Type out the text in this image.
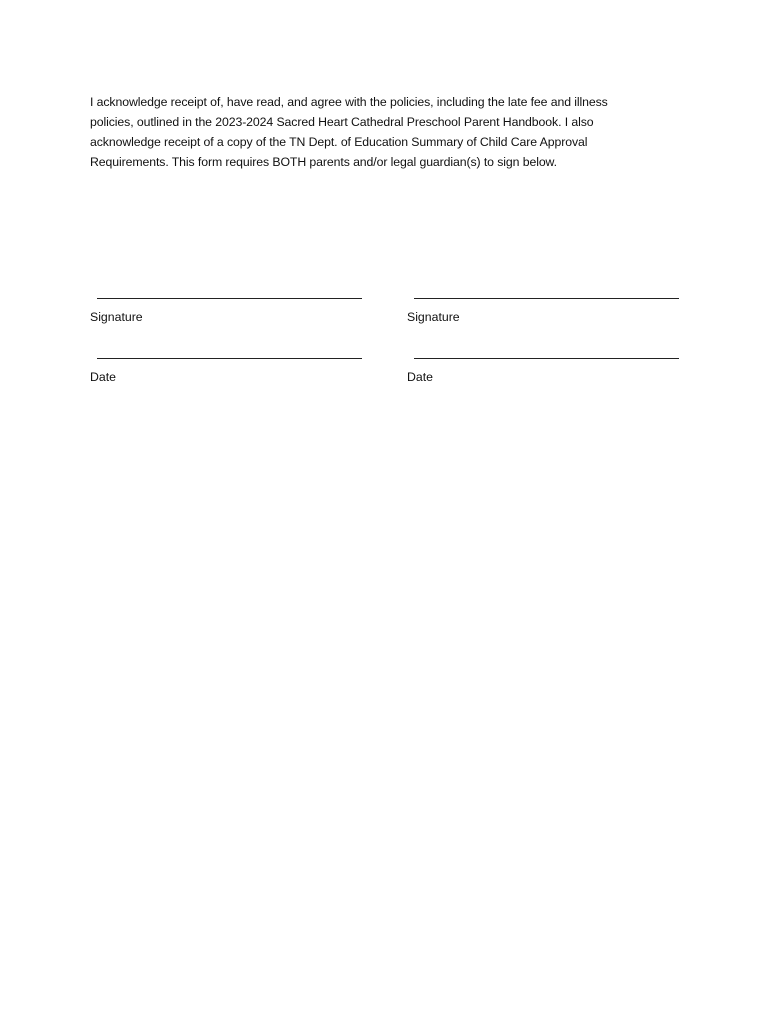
I acknowledge receipt of, have read, and agree with the policies, including the late fee and illness
policies, outlined in the 2023-2024 Sacred Heart Cathedral Preschool Parent Handbook. I also
acknowledge receipt of a copy of the TN Dept. of Education Summary of Child Care Approval
Requirements. This form requires BOTH parents and/or legal guardian(s) to sign below.

Signature	Signature
Date	Date
